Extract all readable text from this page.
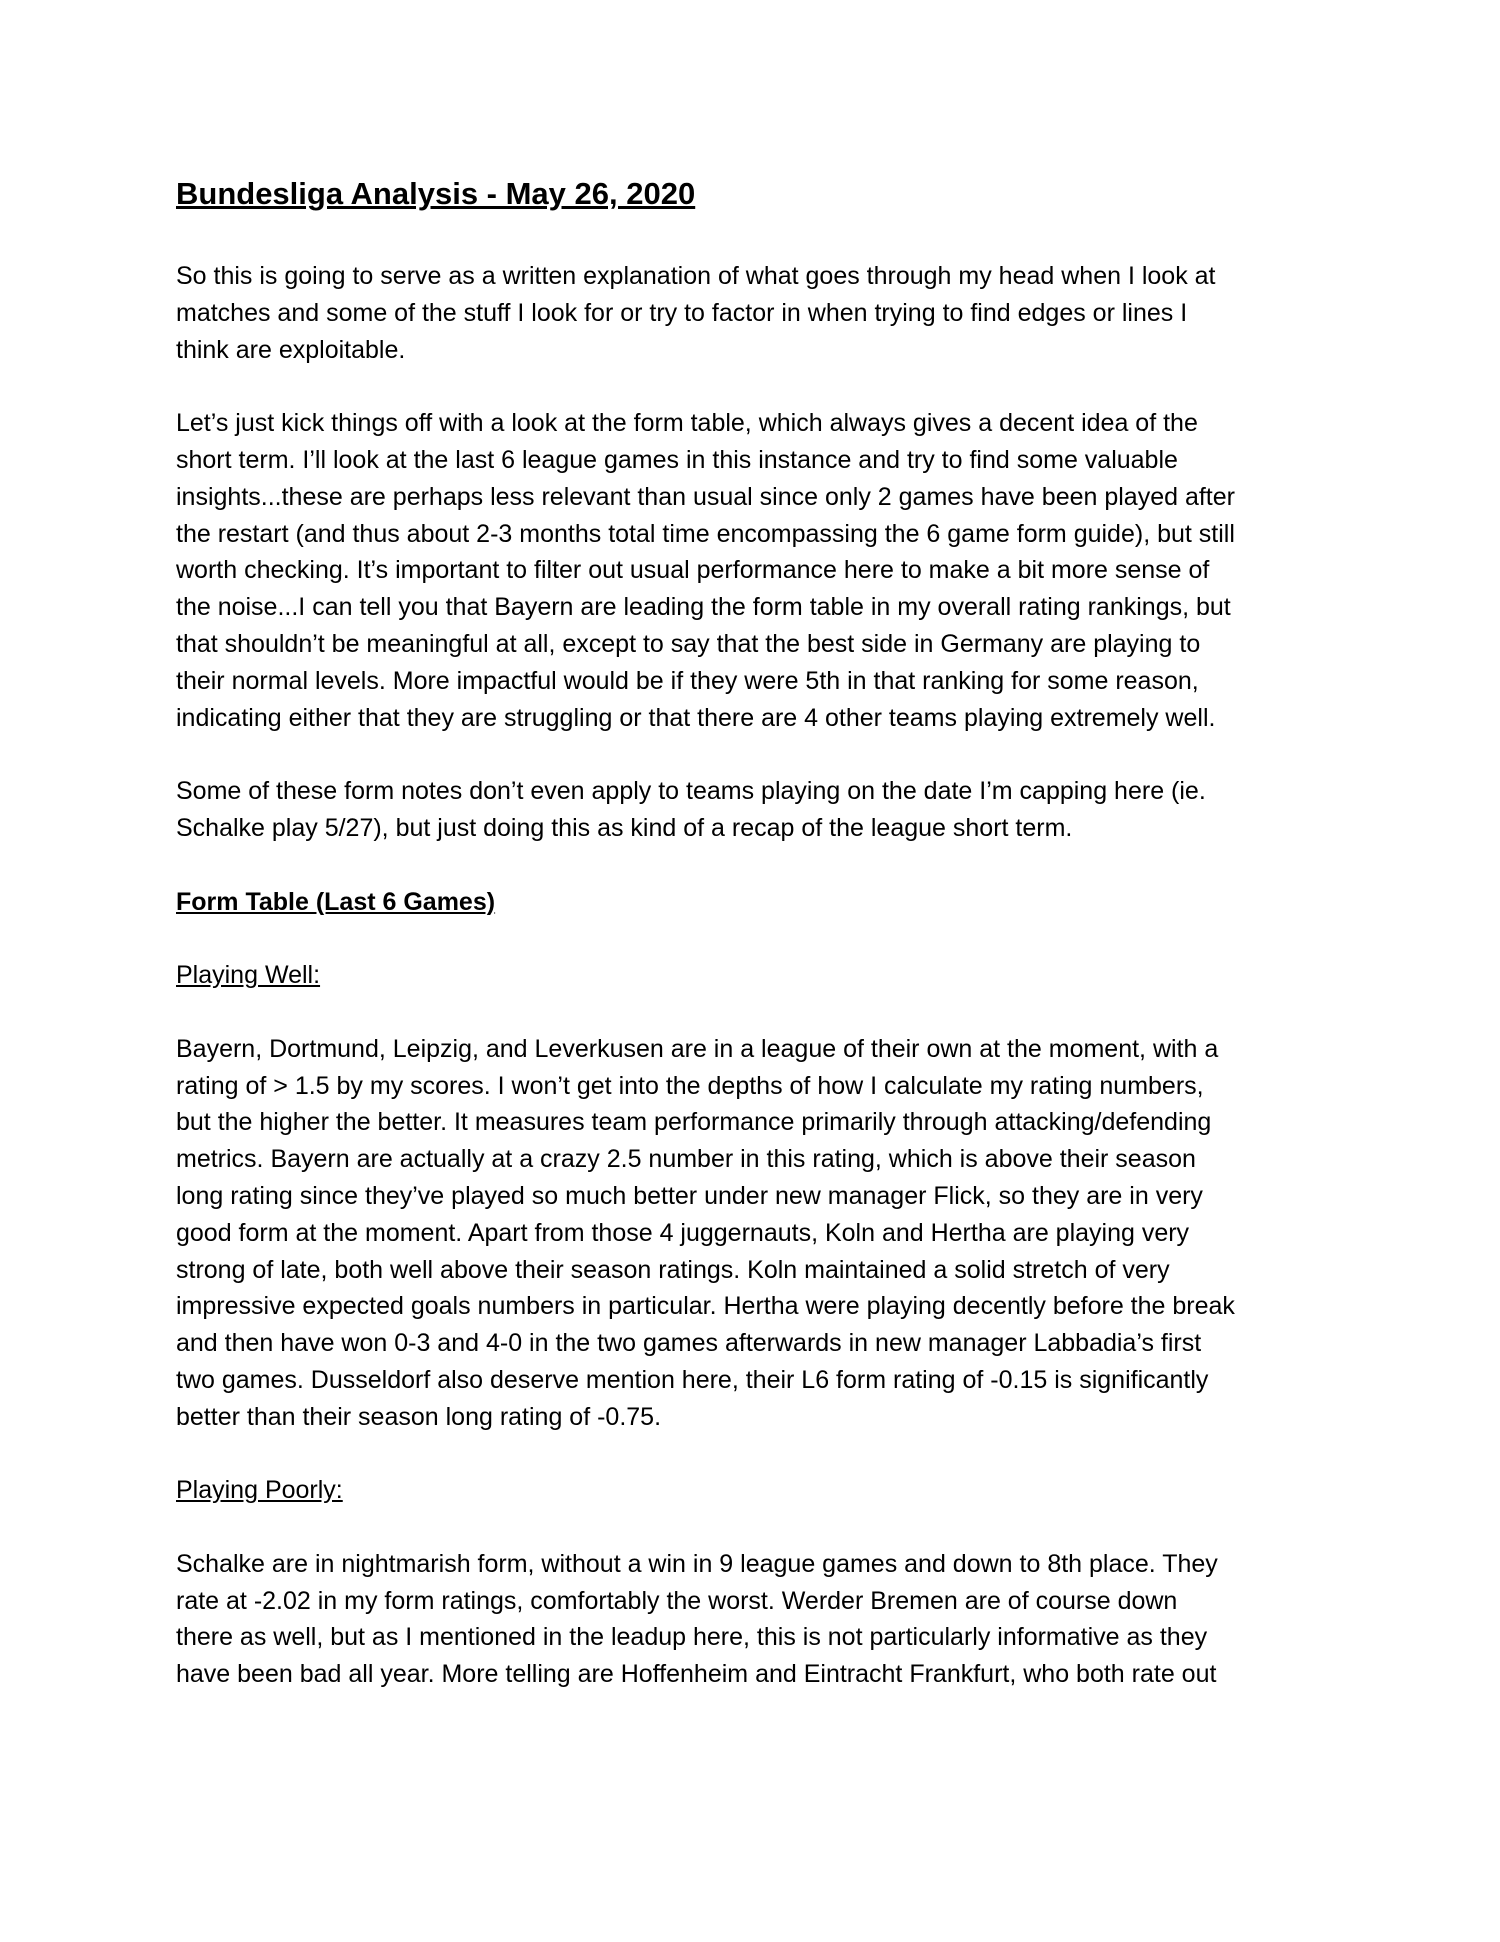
Bundesliga Analysis - May 26, 2020

So this is going to serve as a written explanation of what goes through my head when I look at
matches and some of the stuff I look for or try to factor in when trying to find edges or lines I
think are exploitable.

Let’s just kick things off with a look at the form table, which always gives a decent idea of the
short term. I’ll look at the last 6 league games in this instance and try to find some valuable
insights...these are perhaps less relevant than usual since only 2 games have been played after
the restart (and thus about 2-3 months total time encompassing the 6 game form guide), but still
worth checking. It’s important to filter out usual performance here to make a bit more sense of
the noise...I can tell you that Bayern are leading the form table in my overall rating rankings, but
that shouldn’t be meaningful at all, except to say that the best side in Germany are playing to
their normal levels. More impactful would be if they were 5th in that ranking for some reason,
indicating either that they are struggling or that there are 4 other teams playing extremely well.

Some of these form notes don’t even apply to teams playing on the date I’m capping here (ie.
Schalke play 5/27), but just doing this as kind of a recap of the league short term.

Form Table (Last 6 Games)

Playing Well:

Bayern, Dortmund, Leipzig, and Leverkusen are in a league of their own at the moment, with a
rating of > 1.5 by my scores. I won’t get into the depths of how I calculate my rating numbers,
but the higher the better. It measures team performance primarily through attacking/defending
metrics. Bayern are actually at a crazy 2.5 number in this rating, which is above their season
long rating since they’ve played so much better under new manager Flick, so they are in very
good form at the moment. Apart from those 4 juggernauts, Koln and Hertha are playing very
strong of late, both well above their season ratings. Koln maintained a solid stretch of very
impressive expected goals numbers in particular. Hertha were playing decently before the break
and then have won 0-3 and 4-0 in the two games afterwards in new manager Labbadia’s first
two games. Dusseldorf also deserve mention here, their L6 form rating of -0.15 is significantly
better than their season long rating of -0.75.

Playing Poorly:

Schalke are in nightmarish form, without a win in 9 league games and down to 8th place. They
rate at -2.02 in my form ratings, comfortably the worst. Werder Bremen are of course down
there as well, but as I mentioned in the leadup here, this is not particularly informative as they
have been bad all year. More telling are Hoffenheim and Eintracht Frankfurt, who both rate out
